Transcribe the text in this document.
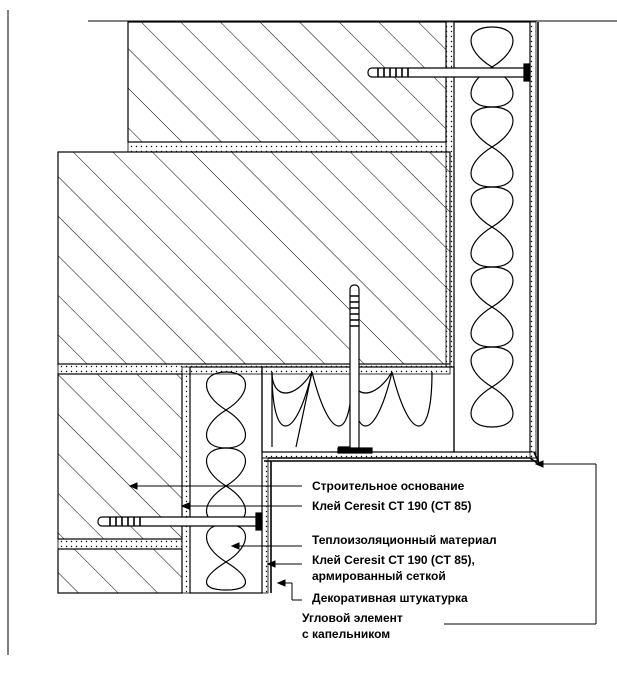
Строительное основание
Клей Ceresit CT 190 (CT 85)
Теплоизоляционный материал
Клей Ceresit CT 190 (CT 85),
армированный сеткой
Декоративная штукатурка
Угловой элемент
с капельником
